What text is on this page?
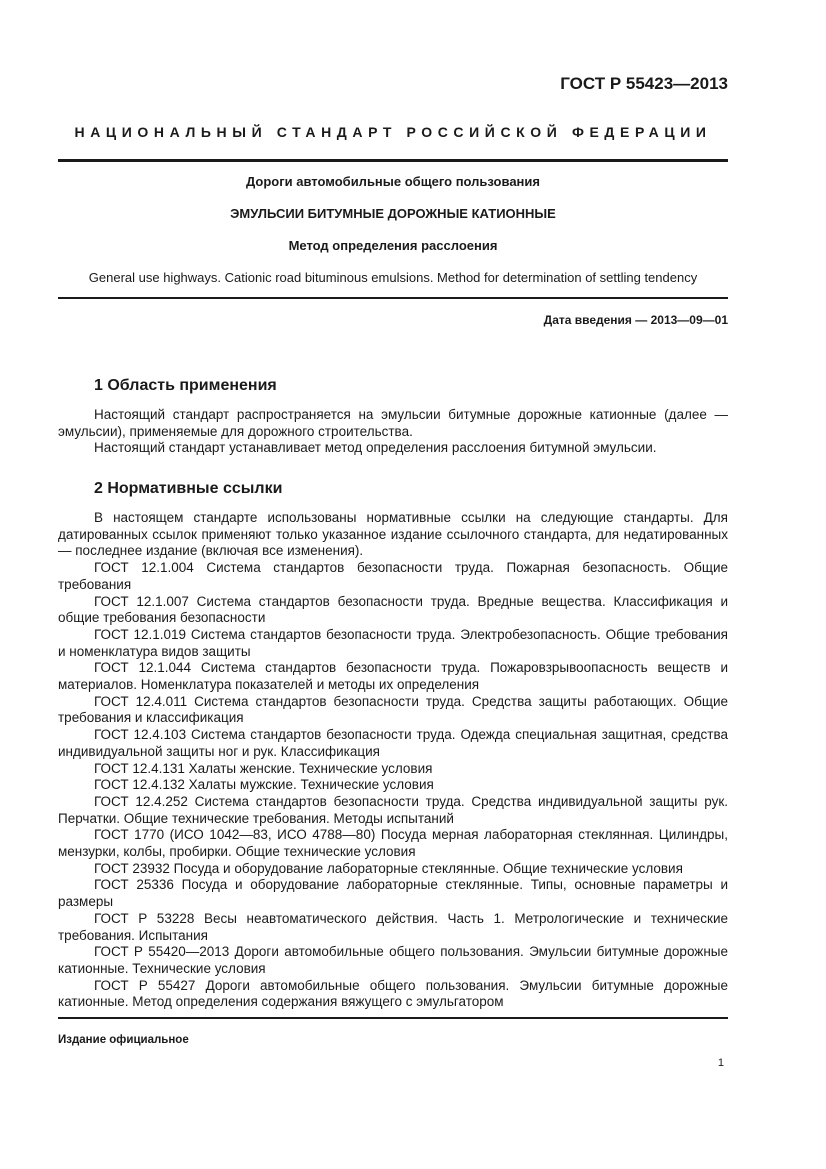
ГОСТ Р 55423—2013

НАЦИОНАЛЬНЫЙ СТАНДАРТ РОССИЙСКОЙ ФЕДЕРАЦИИ

Дороги автомобильные общего пользования

ЭМУЛЬСИИ БИТУМНЫЕ ДОРОЖНЫЕ КАТИОННЫЕ

Метод определения расслоения

General use highways. Cationic road bituminous emulsions. Method for determination of settling tendency

Дата введения — 2013—09—01

1 Область применения

Настоящий стандарт распространяется на эмульсии битумные дорожные катионные (далее — эмульсии), применяемые для дорожного строительства.

Настоящий стандарт устанавливает метод определения расслоения битумной эмульсии.

2 Нормативные ссылки

В настоящем стандарте использованы нормативные ссылки на следующие стандарты. Для датированных ссылок применяют только указанное издание ссылочного стандарта, для недатированных — последнее издание (включая все изменения).

ГОСТ 12.1.004 Система стандартов безопасности труда. Пожарная безопасность. Общие требования

ГОСТ 12.1.007 Система стандартов безопасности труда. Вредные вещества. Классификация и общие требования безопасности

ГОСТ 12.1.019 Система стандартов безопасности труда. Электробезопасность. Общие требования и номенклатура видов защиты

ГОСТ 12.1.044 Система стандартов безопасности труда. Пожаровзрывоопасность веществ и материалов. Номенклатура показателей и методы их определения

ГОСТ 12.4.011 Система стандартов безопасности труда. Средства защиты работающих. Общие требования и классификация

ГОСТ 12.4.103 Система стандартов безопасности труда. Одежда специальная защитная, средства индивидуальной защиты ног и рук. Классификация

ГОСТ 12.4.131 Халаты женские. Технические условия

ГОСТ 12.4.132 Халаты мужские. Технические условия

ГОСТ 12.4.252 Система стандартов безопасности труда. Средства индивидуальной защиты рук. Перчатки. Общие технические требования. Методы испытаний

ГОСТ 1770 (ИСО 1042—83, ИСО 4788—80) Посуда мерная лабораторная стеклянная. Цилиндры, мензурки, колбы, пробирки. Общие технические условия

ГОСТ 23932 Посуда и оборудование лабораторные стеклянные. Общие технические условия

ГОСТ 25336 Посуда и оборудование лабораторные стеклянные. Типы, основные параметры и размеры

ГОСТ Р 53228 Весы неавтоматического действия. Часть 1. Метрологические и технические требования. Испытания

ГОСТ Р 55420—2013 Дороги автомобильные общего пользования. Эмульсии битумные дорожные катионные. Технические условия

ГОСТ Р 55427 Дороги автомобильные общего пользования. Эмульсии битумные дорожные катионные. Метод определения содержания вяжущего с эмульгатором

Издание официальное

1
